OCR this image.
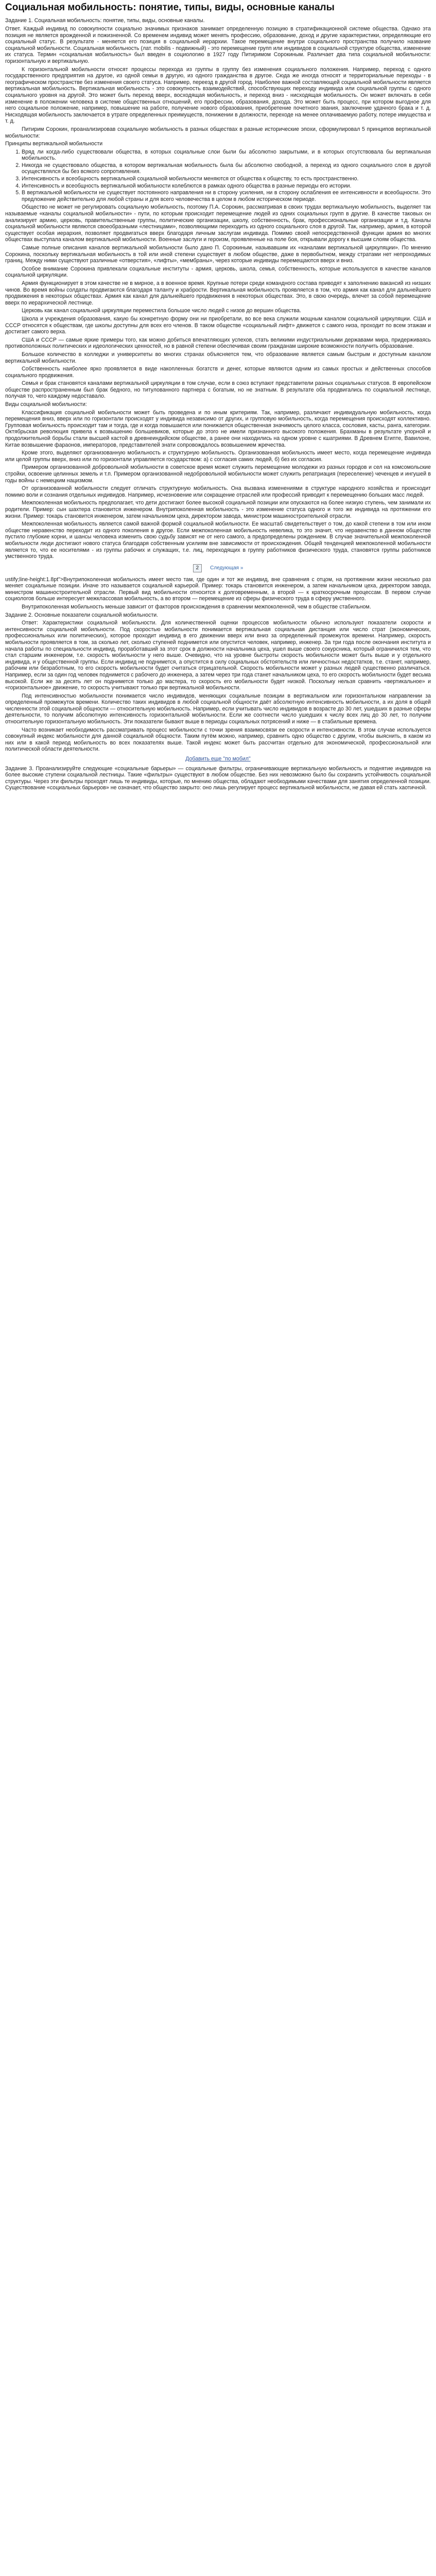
Социальная мобильность: понятие, типы, виды, основные каналы

Задание 1. Социальная мобильность: понятие, типы, виды, основные каналы.

Ответ. Каждый индивид по совокупности социально значимых признаков занимает определенную позицию в стратификационной системе общества. Однако эта позиция не является врожденной и пожизненной. Со временем индивид может менять профессию, образование, доход и другие характеристики, определяющие его социальный статус. В результате - меняется его позиция в социальной иерархии. Такое перемещение внутри социального пространства получило название социальной мобильности. Социальная мобильность (лат. mobilis - подвижный) - это перемещение групп или индивидов в социальной структуре общества, изменение их статуса. Термин «социальная мобильность» был введен в социологию в 1927 году Питиримом Сорокиным. Различает два типа социальной мобильности: горизонтальную и вертикальную.

К горизонтальной мобильности относят процессы перехода из группы в группу без изменения социального положения. Например, переход с одного государственного предприятия на другое, из одной семьи в другую, из одного гражданства в другое. Сюда же иногда относят и территориальные переходы - в географическом пространстве без изменения своего статуса. Например, переезд в другой город. Наиболее важной составляющей социальной мобильности является вертикальная мобильность. Вертикальная мобильность - это совокупность взаимодействий, способствующих переходу индивида или социальной группы с одного социального уровня на другой. Это может быть переход вверх, восходящая мобильность, и переход вниз - нисходящая мобильность. Он может включать в себя изменение в положении человека в системе общественных отношений, его профессии, образования, дохода. Это может быть процесс, при котором выгодное для него социальное положение, например, повышение на работе, получение нового образования, приобретение почетного звания, заключение удачного брака и т. д. Нисходящая мобильность заключается в утрате определенных преимуществ, понижении в должности, переходе на менее оплачиваемую работу, потере имущества и т. д.

Питирим Сорокин, проанализировав социальную мобильность в разных обществах в разные исторические эпохи, сформулировал 5 принципов вертикальной мобильности:

Принципы вертикальной мобильности

1. Вряд ли когда-либо существовали общества, в которых социальные слои были бы абсолютно закрытыми, и в которых отсутствовала бы вертикальная мобильность.
2. Никогда не существовало общества, в котором вертикальная мобильность была бы абсолютно свободной, а переход из одного социального слоя в другой осуществлялся бы без всякого сопротивления.
3. Интенсивность и всеобщность вертикальной социальной мобильности меняются от общества к обществу, то есть пространственно.
4. Интенсивность и всеобщность вертикальной мобильности колеблются в рамках одного общества в разные периоды его истории.
5. В вертикальной мобильности не существует постоянного направления ни в сторону усиления, ни в сторону ослабления ее интенсивности и всеобщности. Это предложение действительно для любой страны и для всего человечества в целом в любом историческом периоде.

Общество не может не регулировать социальную мобильность, поэтому П.А. Сорокин, рассматривая в своих трудах вертикальную мобильность, выделяет так называемые «каналы социальной мобильности» - пути, по которым происходит перемещение людей из одних социальных групп в другие. В качестве таковых он анализирует армию, церковь, правительственные группы, политические организации, школу, собственность, брак, профессиональные организации и т.д. Каналы социальной мобильности являются своеобразными «лестницами», позволяющими переходить из одного социального слоя в другой. Так, например, армия, в которой существует особая иерархия, позволяет продвигаться вверх благодаря личным заслугам индивида. Помимо своей непосредственной функции армия во многих обществах выступала каналом вертикальной мобильности. Военные заслуги и героизм, проявленные на поле боя, открывали дорогу к высшим слоям общества.

Самые полные описания каналов вертикальной мобильности было дано П. Сорокиным, называвшим их «каналами вертикальной циркуляции». По мнению Сорокина, поскольку вертикальная мобильность в той или иной степени существует в любом обществе, даже в первобытном, между стратами нет непроходимых границ. Между ними существуют различные «отверстия», «лифты», «мембраны», через которые индивиды перемещаются вверх и вниз.

Особое внимание Сорокина привлекали социальные институты - армия, церковь, школа, семья, собственность, которые используются в качестве каналов социальной циркуляции.

Армия функционирует в этом качестве не в мирное, а в военное время. Крупные потери среди командного состава приводят к заполнению вакансий из низших чинов. Во время войны солдаты продвигаются благодаря таланту и храбрости. Вертикальная мобильность проявляется в том, что армия как канал для дальнейшего продвижения в некоторых обществах. Армия как канал для дальнейшего продвижения в некоторых обществах. Это, в свою очередь, влечет за собой перемещение вверх по иерархической лестнице.

Церковь как канал социальной циркуляции переместила большое число людей с низов до вершин общества.

Школа и учреждения образования, какую бы конкретную форму они ни приобретали, во все века служили мощным каналом социальной циркуляции. США и СССР относятся к обществам, где школы доступны для всех его членов. В таком обществе «социальный лифт» движется с самого низа, проходит по всем этажам и достигает самого верха.

США и СССР — самые яркие примеры того, как можно добиться впечатляющих успехов, стать великими индустриальными державами мира, придерживаясь противоположных политических и идеологических ценностей, но в равной степени обеспечивая своим гражданам широкие возможности получить образование.

Большое количество в колледжи и университеты во многих странах объясняется тем, что образование является самым быстрым и доступным каналом вертикальной мобильности.

Собственность наиболее ярко проявляется в виде накопленных богатств и денег, которые являются одним из самых простых и действенных способов социального продвижения.

Семья и брак становятся каналами вертикальной циркуляции в том случае, если в союз вступают представители разных социальных статусов. В европейском обществе распространенным был брак бедного, но титулованного партнера с богатым, но не знатным. В результате оба продвигались по социальной лестнице, получая то, чего каждому недоставало.

Виды социальной мобильности:

Классификация социальной мобильности может быть проведена и по иным критериям. Так, например, различают индивидуальную мобильность, когда перемещения вниз, вверх или по горизонтали происходят у индивида независимо от других, и групповую мобильность, когда перемещения происходят коллективно. Групповая мобильность происходит там и тогда, где и когда повышается или понижается общественная значимость целого класса, сословия, касты, ранга, категории. Октябрьская революция привела к возвышению большевиков, которые до этого не имели признанного высокого положения. Брахманы в результате упорной и продолжительной борьбы стали высшей кастой в древнеиндийском обществе, а ранее они находились на одном уровне с кшатриями. В Древнем Египте, Вавилоне, Китае возвышение фараонов, императоров, представителей знати сопровождалось возвышением жречества.

Кроме этого, выделяют организованную мобильность и структурную мобильность. Организованная мобильность имеет место, когда перемещение индивида или целой группы вверх, вниз или по горизонтали управляется государством: а) с согласия самих людей, б) без их согласия.

Примером организованной добровольной мобильности в советское время может служить перемещение молодежи из разных городов и сел на комсомольские стройки, освоение целинных земель и т.п. Примером организованной недобровольной мобильности может служить репатриация (переселение) чеченцев и ингушей в годы войны с немецким нацизмом.

От организованной мобильности следует отличать структурную мобильность. Она вызвана изменениями в структуре народного хозяйства и происходит помимо воли и сознания отдельных индивидов. Например, исчезновение или сокращение отраслей или профессий приводит к перемещению больших масс людей.

Межпоколенная мобильность предполагает, что дети достигают более высокой социальной позиции или опускаются на более низкую ступень, чем занимали их родители. Пример: сын шахтера становится инженером. Внутрипоколенная мобильность - это изменение статуса одного и того же индивида на протяжении его жизни. Пример: токарь становится инженером, затем начальником цеха, директором завода, министром машиностроительной отрасли.

Межпоколенная мобильность является самой важной формой социальной мобильности. Ее масштаб свидетельствует о том, до какой степени в том или ином обществе неравенство переходит из одного поколения в другое. Если межпоколенная мобильность невелика, то это значит, что неравенство в данном обществе пустило глубокие корни, и шансы человека изменить свою судьбу зависят не от него самого, а предопределены рождением. В случае значительной межпоколенной мобильности люди достигают нового статуса благодаря собственным усилиям вне зависимости от происхождения. Общей тенденцией межпоколенной мобильности является то, что ее носителями - из группы рабочих и служащих, т.е. лиц, переходящих в группу работников физического труда, становятся группы работников умственного труда.

2	Следующая »

ustify;line-height:1.8pt">Внутрипоколенная мобильность имеет место там, где один и тот же индивид, вне сравнения с отцом, на протяжении жизни несколько раз меняет социальные позиции. Иначе это называется социальной карьерой. Пример: токарь становится инженером, а затем начальником цеха, директором завода, министром машиностроительной отрасли. Первый вид мобильности относится к долговременным, а второй — к краткосрочным процессам. В первом случае социологов больше интересует межклассовая мобильность, а во втором — перемещение из сферы физического труда в сферу умственного.

Внутрипоколенная мобильность меньше зависит от факторов происхождения в сравнении межпоколенной, чем в обществе стабильном.

Задание 2. Основные показатели социальной мобильности.

Ответ: Характеристики социальной мобильности. Для количественной оценки процессов мобильности обычно используют показатели скорости и интенсивности социальной мобильности. Под скоростью мобильности понимается вертикальная социальная дистанция или число страт (экономических, профессиональных или политических), которое проходит индивид в его движении вверх или вниз за определенный промежуток времени. Например, скорость мобильности проявляется в том, за сколько лет, сколько ступеней поднимется или опустится человек, например, инженер. За три года после окончания института и начала работы по специальности индивид, проработавший за этот срок в должности начальника цеха, ушел выше своего сокурсника, который ограничился тем, что стал старшим инженером, т.е. скорость мобильности у него выше. Очевидно, что на уровне быстроты скорость мобильности может быть выше и у отдельного индивида, и у общественной группы. Если индивид не поднимется, а опустится в силу социальных обстоятельств или личностных недостатков, т.е. станет, например, рабочим или безработным, то его скорость мобильности будет считаться отрицательной. Скорость мобильности может у разных людей существенно различаться. Например, если за один год человек поднимется с рабочего до инженера, а затем через три года станет начальником цеха, то его скорость мобильности будет весьма высокой. Если же за десять лет он поднимется только до мастера, то скорость его мобильности будет низкой. Поскольку нельзя сравнить «вертикальное» и «горизонтальное» движение, то скорость учитывают только при вертикальной мобильности.

Под интенсивностью мобильности понимается число индивидов, меняющих социальные позиции в вертикальном или горизонтальном направлении за определенный промежуток времени. Количество таких индивидов в любой социальной общности даёт абсолютную интенсивность мобильности, а их доля в общей численности этой социальной общности — относительную мобильность. Например, если учитывать число индивидов в возрасте до 30 лет, ушедших в разные сферы деятельности, то получим абсолютную интенсивность горизонтальной мобильности. Если же соотнести число ушедших к числу всех лиц до 30 лет, то получим относительную горизонтальную мобильность. Эти показатели бывают выше в периоды социальных потрясений и ниже — в стабильные времена.

Часто возникает необходимость рассматривать процесс мобильности с точки зрения взаимосвязи ее скорости и интенсивности. В этом случае используется совокупный индекс мобильности для данной социальной общности. Таким путём можно, например, сравнить одно общество с другим, чтобы выяснить, в каком из них или в какой период мобильность во всех показателях выше. Такой индекс может быть рассчитан отдельно для экономической, профессиональной или политической области деятельности.

Добавить еще "по мобил"

Задание 3. Проанализируйте следующие «социальные барьеры» — социальные фильтры, ограничивающие вертикальную мобильность и поднятие индивидов на более высокие ступени социальной лестницы. Такие «фильтры» существуют в любом обществе. Без них невозможно было бы сохранить устойчивость социальной структуры. Через эти фильтры проходят лишь те индивиды, которые, по мнению общества, обладают необходимыми качествами для занятия определенной позиции. Существование «социальных барьеров» не означает, что общество закрыто: оно лишь регулирует процесс вертикальной мобильности, не давая ей стать хаотичной.
